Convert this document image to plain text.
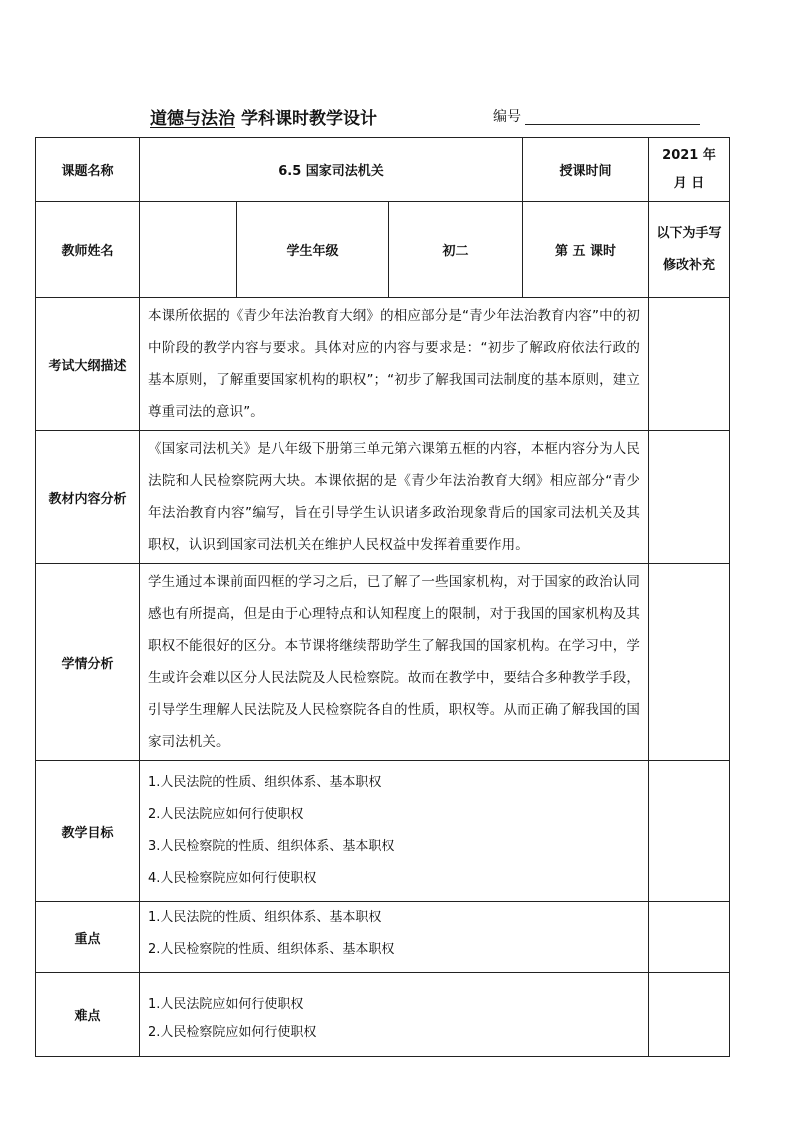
道德与法治 学科课时教学设计	编号
课题名称	6.5 国家司法机关			授课时间	2021 年
月 日

教师姓名		学生年级	初二	第 五 课时	以下为手写修改补充
考试大纲描述	本课所依据的《青少年法治教育大纲》的相应部分是“青少年法治教育内容”中的初中阶段的教学内容与要求。具体对应的内容与要求是：“初步了解政府依法行政的基本原则，了解重要国家机构的职权”；“初步了解我国司法制度的基本原则，建立尊重司法的意识”。				
教材内容分析	《国家司法机关》是八年级下册第三单元第六课第五框的内容，本框内容分为人民法院和人民检察院两大块。本课依据的是《青少年法治教育大纲》相应部分“青少年法治教育内容”编写，旨在引导学生认识诸多政治现象背后的国家司法机关及其职权，认识到国家司法机关在维护人民权益中发挥着重要作用。				
学情分析	学生通过本课前面四框的学习之后，已了解了一些国家机构，对于国家的政治认同感也有所提高，但是由于心理特点和认知程度上的限制，对于我国的国家机构及其职权不能很好的区分。本节课将继续帮助学生了解我国的国家机构。在学习中，学生或许会难以区分人民法院及人民检察院。故而在教学中，要结合多种教学手段，引导学生理解人民法院及人民检察院各自的性质，职权等。从而正确了解我国的国家司法机关。				
教学目标	1.人民法院的性质、组织体系、基本职权
2.人民法院应如何行使职权
3.人民检察院的性质、组织体系、基本职权
4.人民检察院应如何行使职权				

重点	1.人民法院的性质、组织体系、基本职权
2.人民检察院的性质、组织体系、基本职权				

难点	1.人民法院应如何行使职权
2.人民检察院应如何行使职权				
